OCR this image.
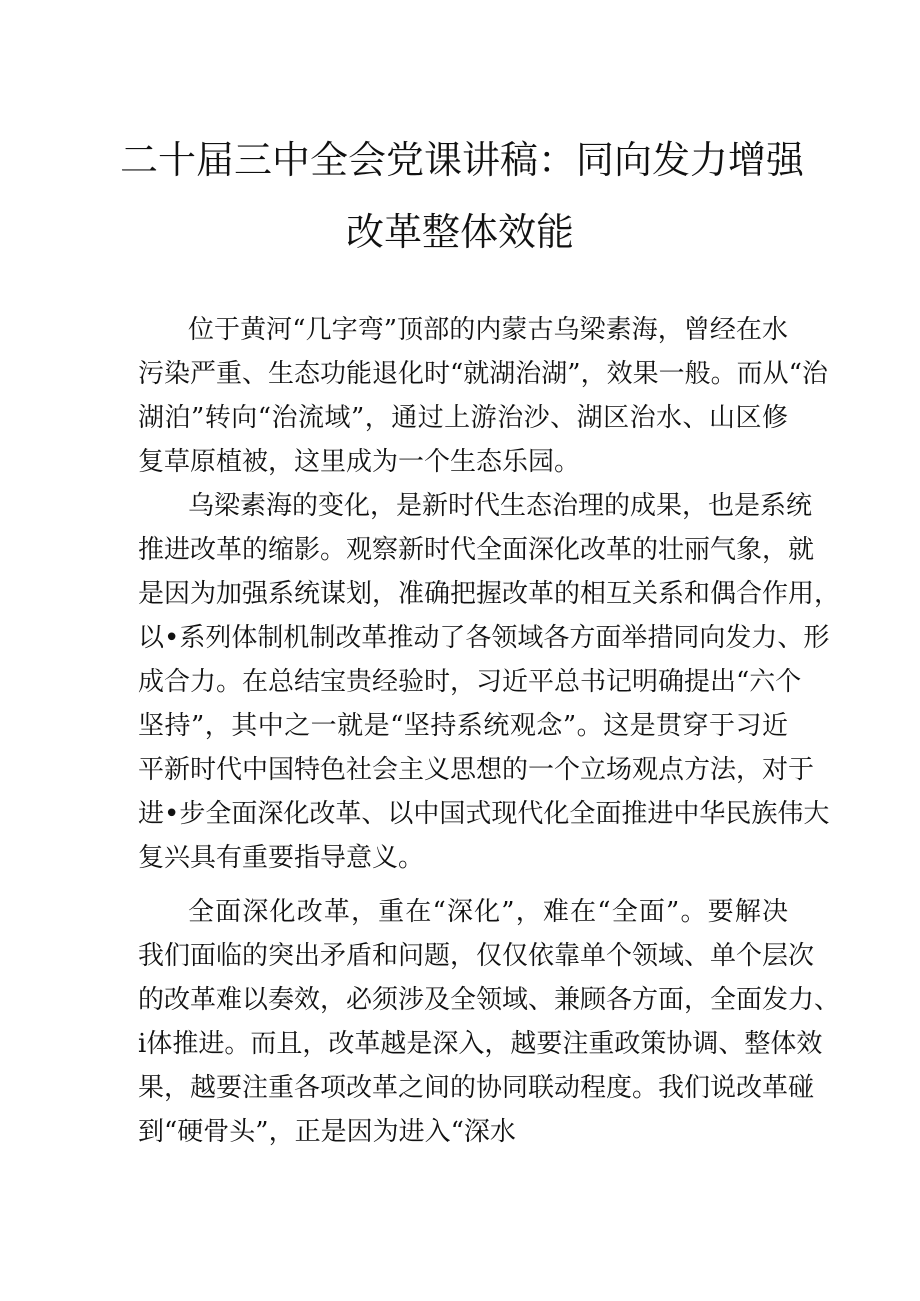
二十届三中全会党课讲稿：同向发力增强
改革整体效能
位于黄河“几字弯”顶部的内蒙古乌梁素海，曾经在水
污染严重、生态功能退化时“就湖治湖”，效果一般。而从“治
湖泊”转向“治流域”，通过上游治沙、湖区治水、山区修
复草原植被，这里成为一个生态乐园。
乌梁素海的变化，是新时代生态治理的成果，也是系统
推进改革的缩影。观察新时代全面深化改革的壮丽气象，就
是因为加强系统谋划，准确把握改革的相互关系和偶合作用，
以•系列体制机制改革推动了各领域各方面举措同向发力、形
成合力。在总结宝贵经验时，习近平总书记明确提出“六个
坚持”，其中之一就是“坚持系统观念”。这是贯穿于习近
平新时代中国特色社会主义思想的一个立场观点方法，对于
进•步全面深化改革、以中国式现代化全面推进中华民族伟大
复兴具有重要指导意义。
全面深化改革，重在“深化”，难在“全面”。要解决
我们面临的突出矛盾和问题，仅仅依靠单个领域、单个层次
的改革难以奏效，必须涉及全领域、兼顾各方面，全面发力、
i体推进。而且，改革越是深入，越要注重政策协调、整体效
果，越要注重各项改革之间的协同联动程度。我们说改革碰
到“硬骨头”，正是因为进入“深水
